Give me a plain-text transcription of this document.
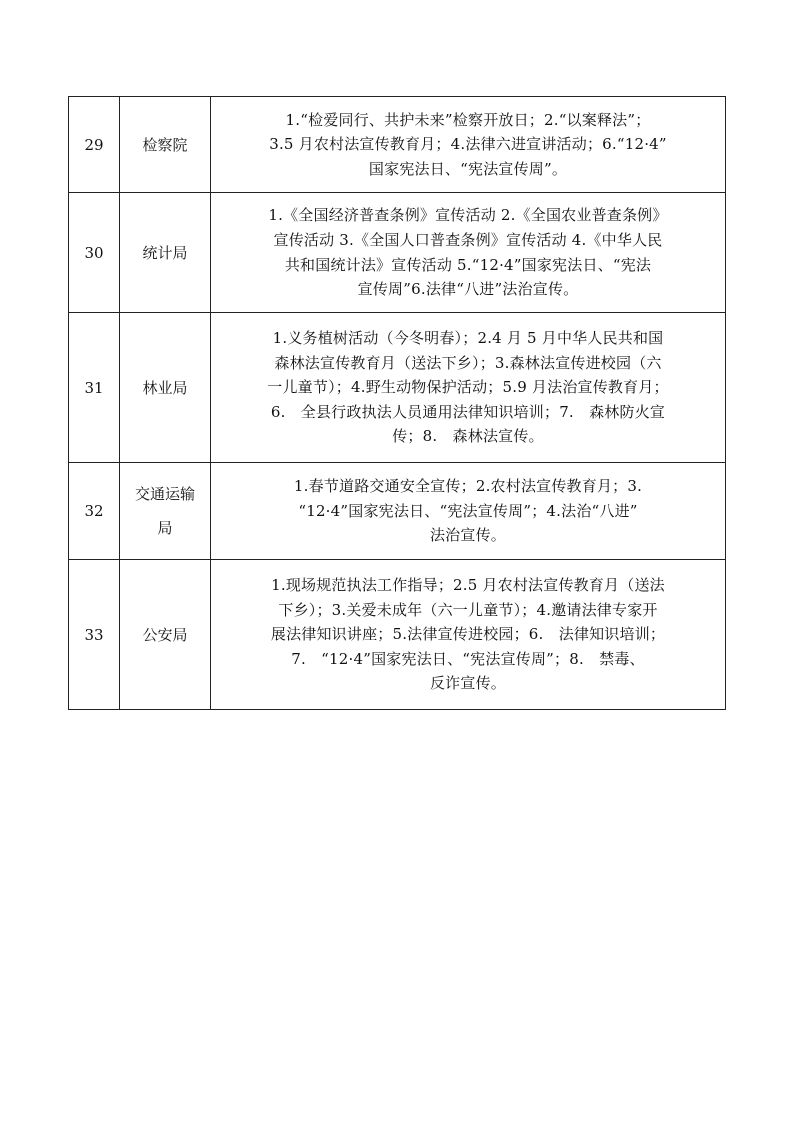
29	检察院	1.“检爱同行、共护未来”检察开放日；2.“以案释法”；
3.5 月农村法宣传教育月；4.法律六进宣讲活动；6.“12·4”
国家宪法日、“宪法宣传周”。

30	统计局	1.《全国经济普查条例》宣传活动 2.《全国农业普查条例》
宣传活动 3.《全国人口普查条例》宣传活动 4.《中华人民
共和国统计法》宣传活动 5.“12·4”国家宪法日、“宪法
宣传周”6.法律“八进”法治宣传。

31	林业局	1.义务植树活动（今冬明春）；2.4 月 5 月中华人民共和国
森林法宣传教育月（送法下乡）；3.森林法宣传进校园（六
一儿童节）；4.野生动物保护活动；5.9 月法治宣传教育月；
6.　全县行政执法人员通用法律知识培训；7.　森林防火宣
传；8.　森林法宣传。

32	交通运输
局	1.春节道路交通安全宣传；2.农村法宣传教育月；3.
“12·4”国家宪法日、“宪法宣传周”；4.法治“八进”
法治宣传。

33	公安局	1.现场规范执法工作指导；2.5 月农村法宣传教育月（送法
下乡）；3.关爱未成年（六一儿童节）；4.邀请法律专家开
展法律知识讲座；5.法律宣传进校园；6.　法律知识培训；
7.　“12·4”国家宪法日、“宪法宣传周”；8.　禁毒、
反诈宣传。
